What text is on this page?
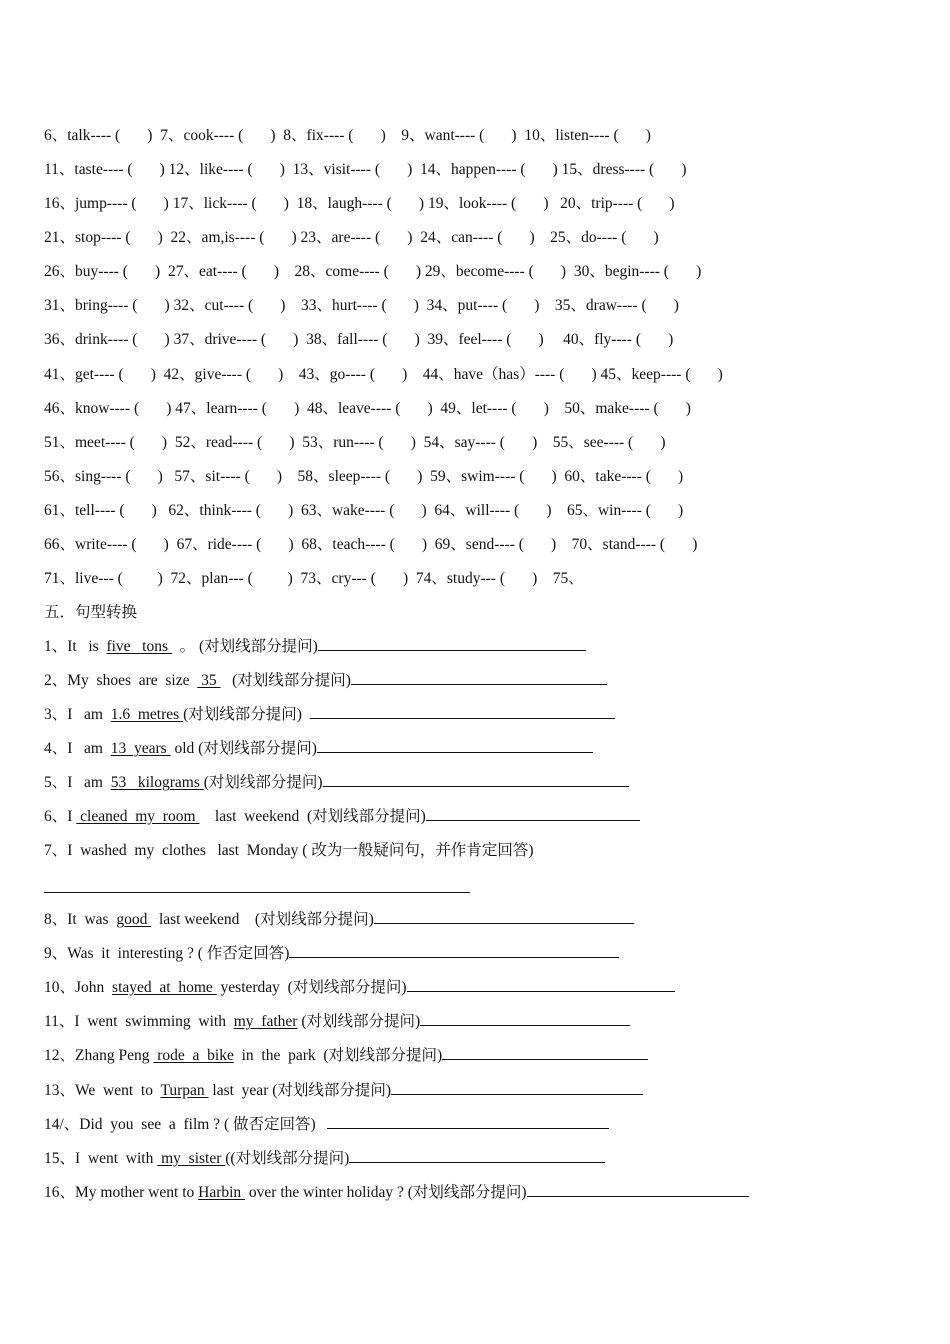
6、talk---- (       )  7、cook---- (       )  8、fix---- (       )    9、want---- (       )  10、listen---- (       )
11、taste---- (       ) 12、like---- (       )  13、visit---- (       )  14、happen---- (       ) 15、dress---- (       )
16、jump---- (       ) 17、lick---- (       )  18、laugh---- (       ) 19、look---- (       )   20、trip---- (       )
21、stop---- (       )  22、am,is---- (       ) 23、are---- (       )  24、can---- (       )    25、do---- (       )
26、buy---- (       )  27、eat---- (       )    28、come---- (       ) 29、become---- (       )  30、begin---- (       )
31、bring---- (       ) 32、cut---- (       )    33、hurt---- (       )  34、put---- (       )    35、draw---- (       )
36、drink---- (       ) 37、drive---- (       )  38、fall---- (       )  39、feel---- (       )     40、fly---- (       )
41、get---- (       )  42、give---- (       )    43、go---- (       )    44、have（has）---- (       ) 45、keep---- (       )
46、know---- (       ) 47、learn---- (       )  48、leave---- (       )  49、let---- (       )    50、make---- (       )
51、meet---- (       )  52、read---- (       )  53、run---- (       )  54、say---- (       )    55、see---- (       )
56、sing---- (       )   57、sit---- (       )    58、sleep---- (       )  59、swim---- (       )  60、take---- (       )
61、tell---- (       )   62、think---- (       )  63、wake---- (       )  64、will---- (       )    65、win---- (       )
66、write---- (       )  67、ride---- (       )  68、teach---- (       )  69、send---- (       )    70、stand---- (       )
71、live--- (         )  72、plan--- (         )  73、cry--- (       )  74、study--- (       )    75、
五．句型转换
1、It   is  five   tons   。 (对划线部分提问)
2、My  shoes  are  size   35    (对划线部分提问)
3、I   am  1.6  metres (对划线部分提问)
4、I   am  13  years  old (对划线部分提问)
5、I   am  53   kilograms (对划线部分提问)
6、I  cleaned  my  room     last  weekend  (对划线部分提问)
7、I  washed  my  clothes   last  Monday ( 改为一般疑问句，并作肯定回答)
8、It  was  good   last weekend    (对划线部分提问)
9、Was  it  interesting ? ( 作否定回答)
10、John  stayed  at  home  yesterday  (对划线部分提问)
11、I  went  swimming  with  my  father (对划线部分提问)
12、Zhang Peng  rode  a  bike  in  the  park  (对划线部分提问)
13、We  went  to  Turpan  last  year (对划线部分提问)
14/、Did  you  see  a  film ? ( 做否定回答)
15、I  went  with  my  sister ((对划线部分提问)
16、My mother went to Harbin  over the winter holiday ? (对划线部分提问)
